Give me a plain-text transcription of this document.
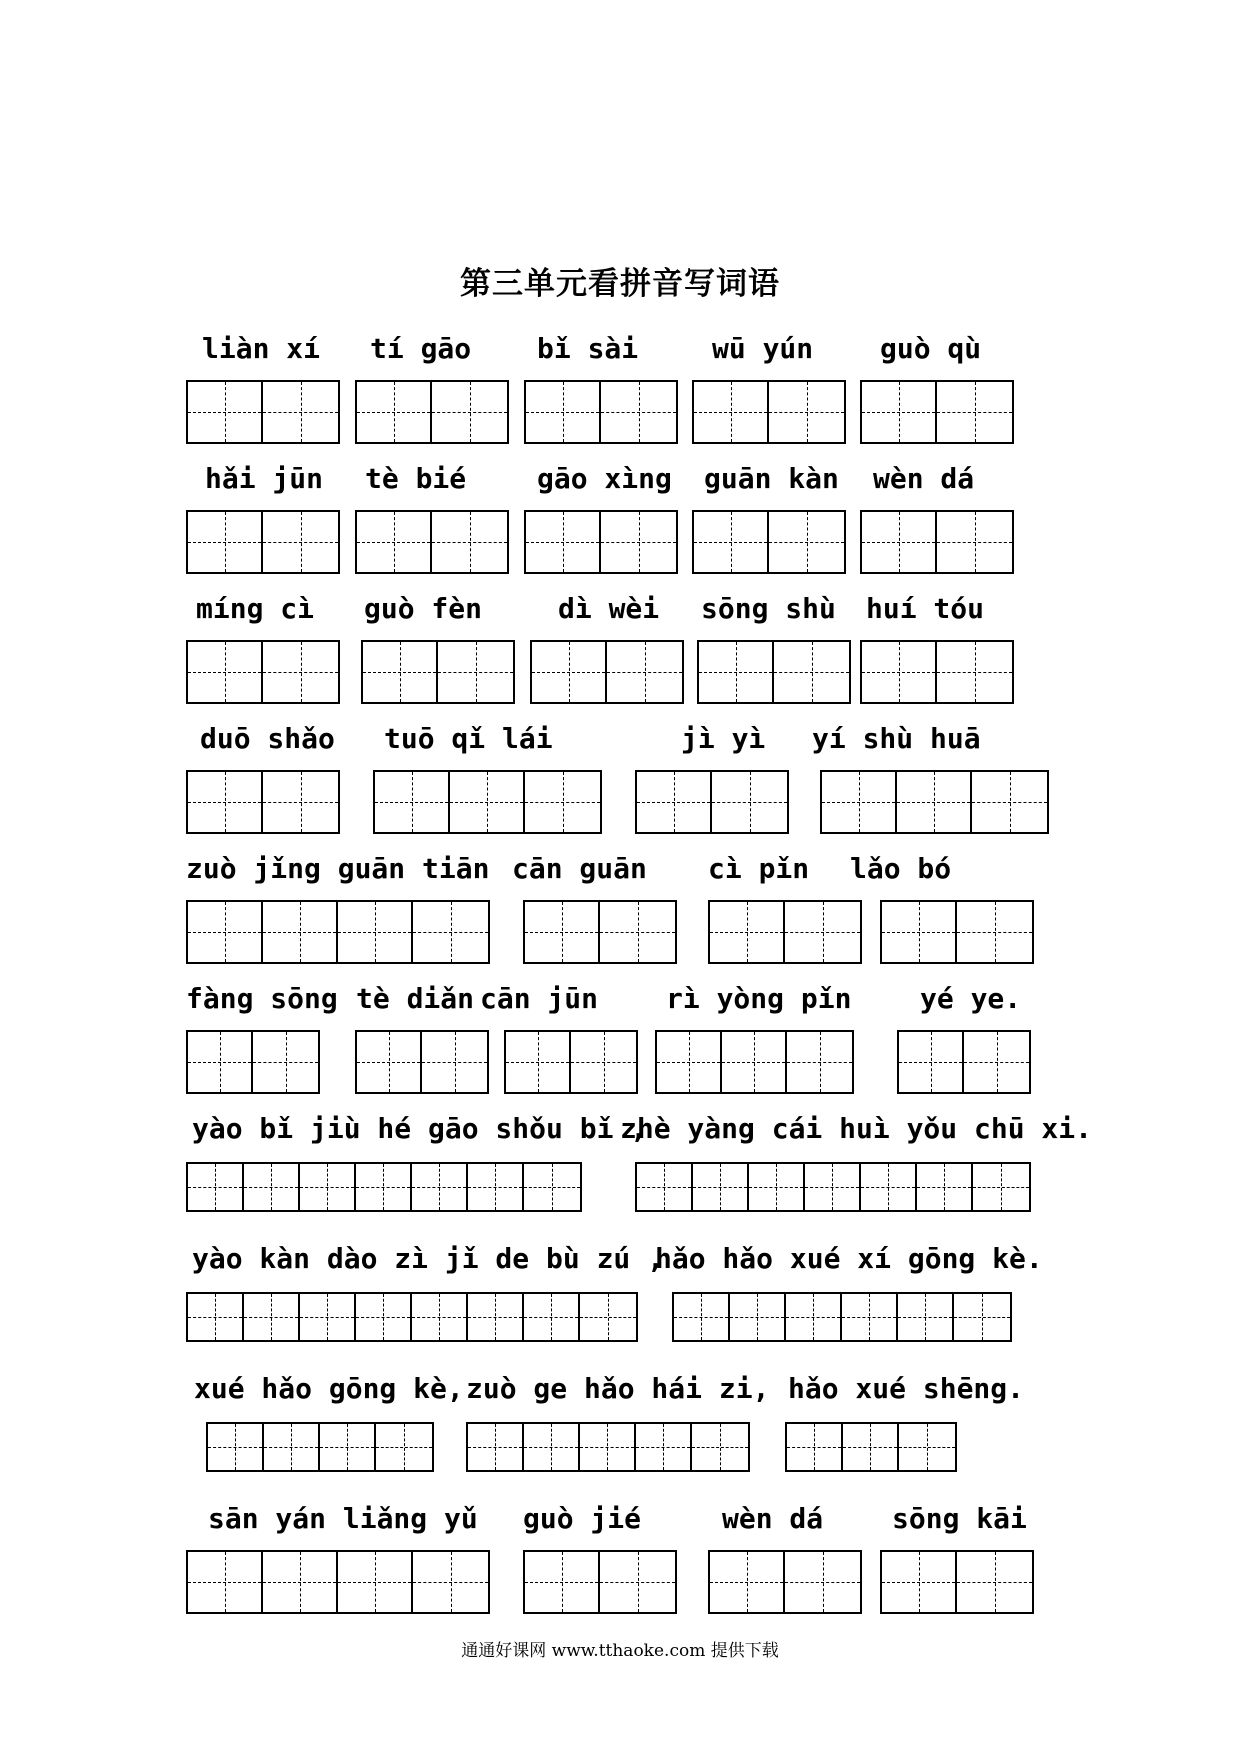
第三单元看拼音写词语
liàn xí tí gāo bǐ sài	wū yún guò qù
hǎi jūn tè bié	gāo xìng guān kàn wèn dá
míng cì guò fèn	dì wèi sōng shù huí tóu
duō shǎo tuō qǐ lái	jì yì yí shù huā
zuò jǐng guān tiān cān guān cì pǐn lǎo bó
fàng sōng tè diǎn cān jūn rì yòng pǐn yé ye.
yào bǐ jiù hé gāo shǒu bǐ ,
zhè yàng cái huì yǒu chū xi.
yào kàn dào zì jǐ de bù zú ,
hǎo hǎo xué xí gōng kè.
xué hǎo gōng kè, zuò ge hǎo hái zi, hǎo xué shēng.
sān yán liǎng yǔ guò jié	wèn dá sōng kāi
通通好课网 www.tthaoke.com 提供下载
